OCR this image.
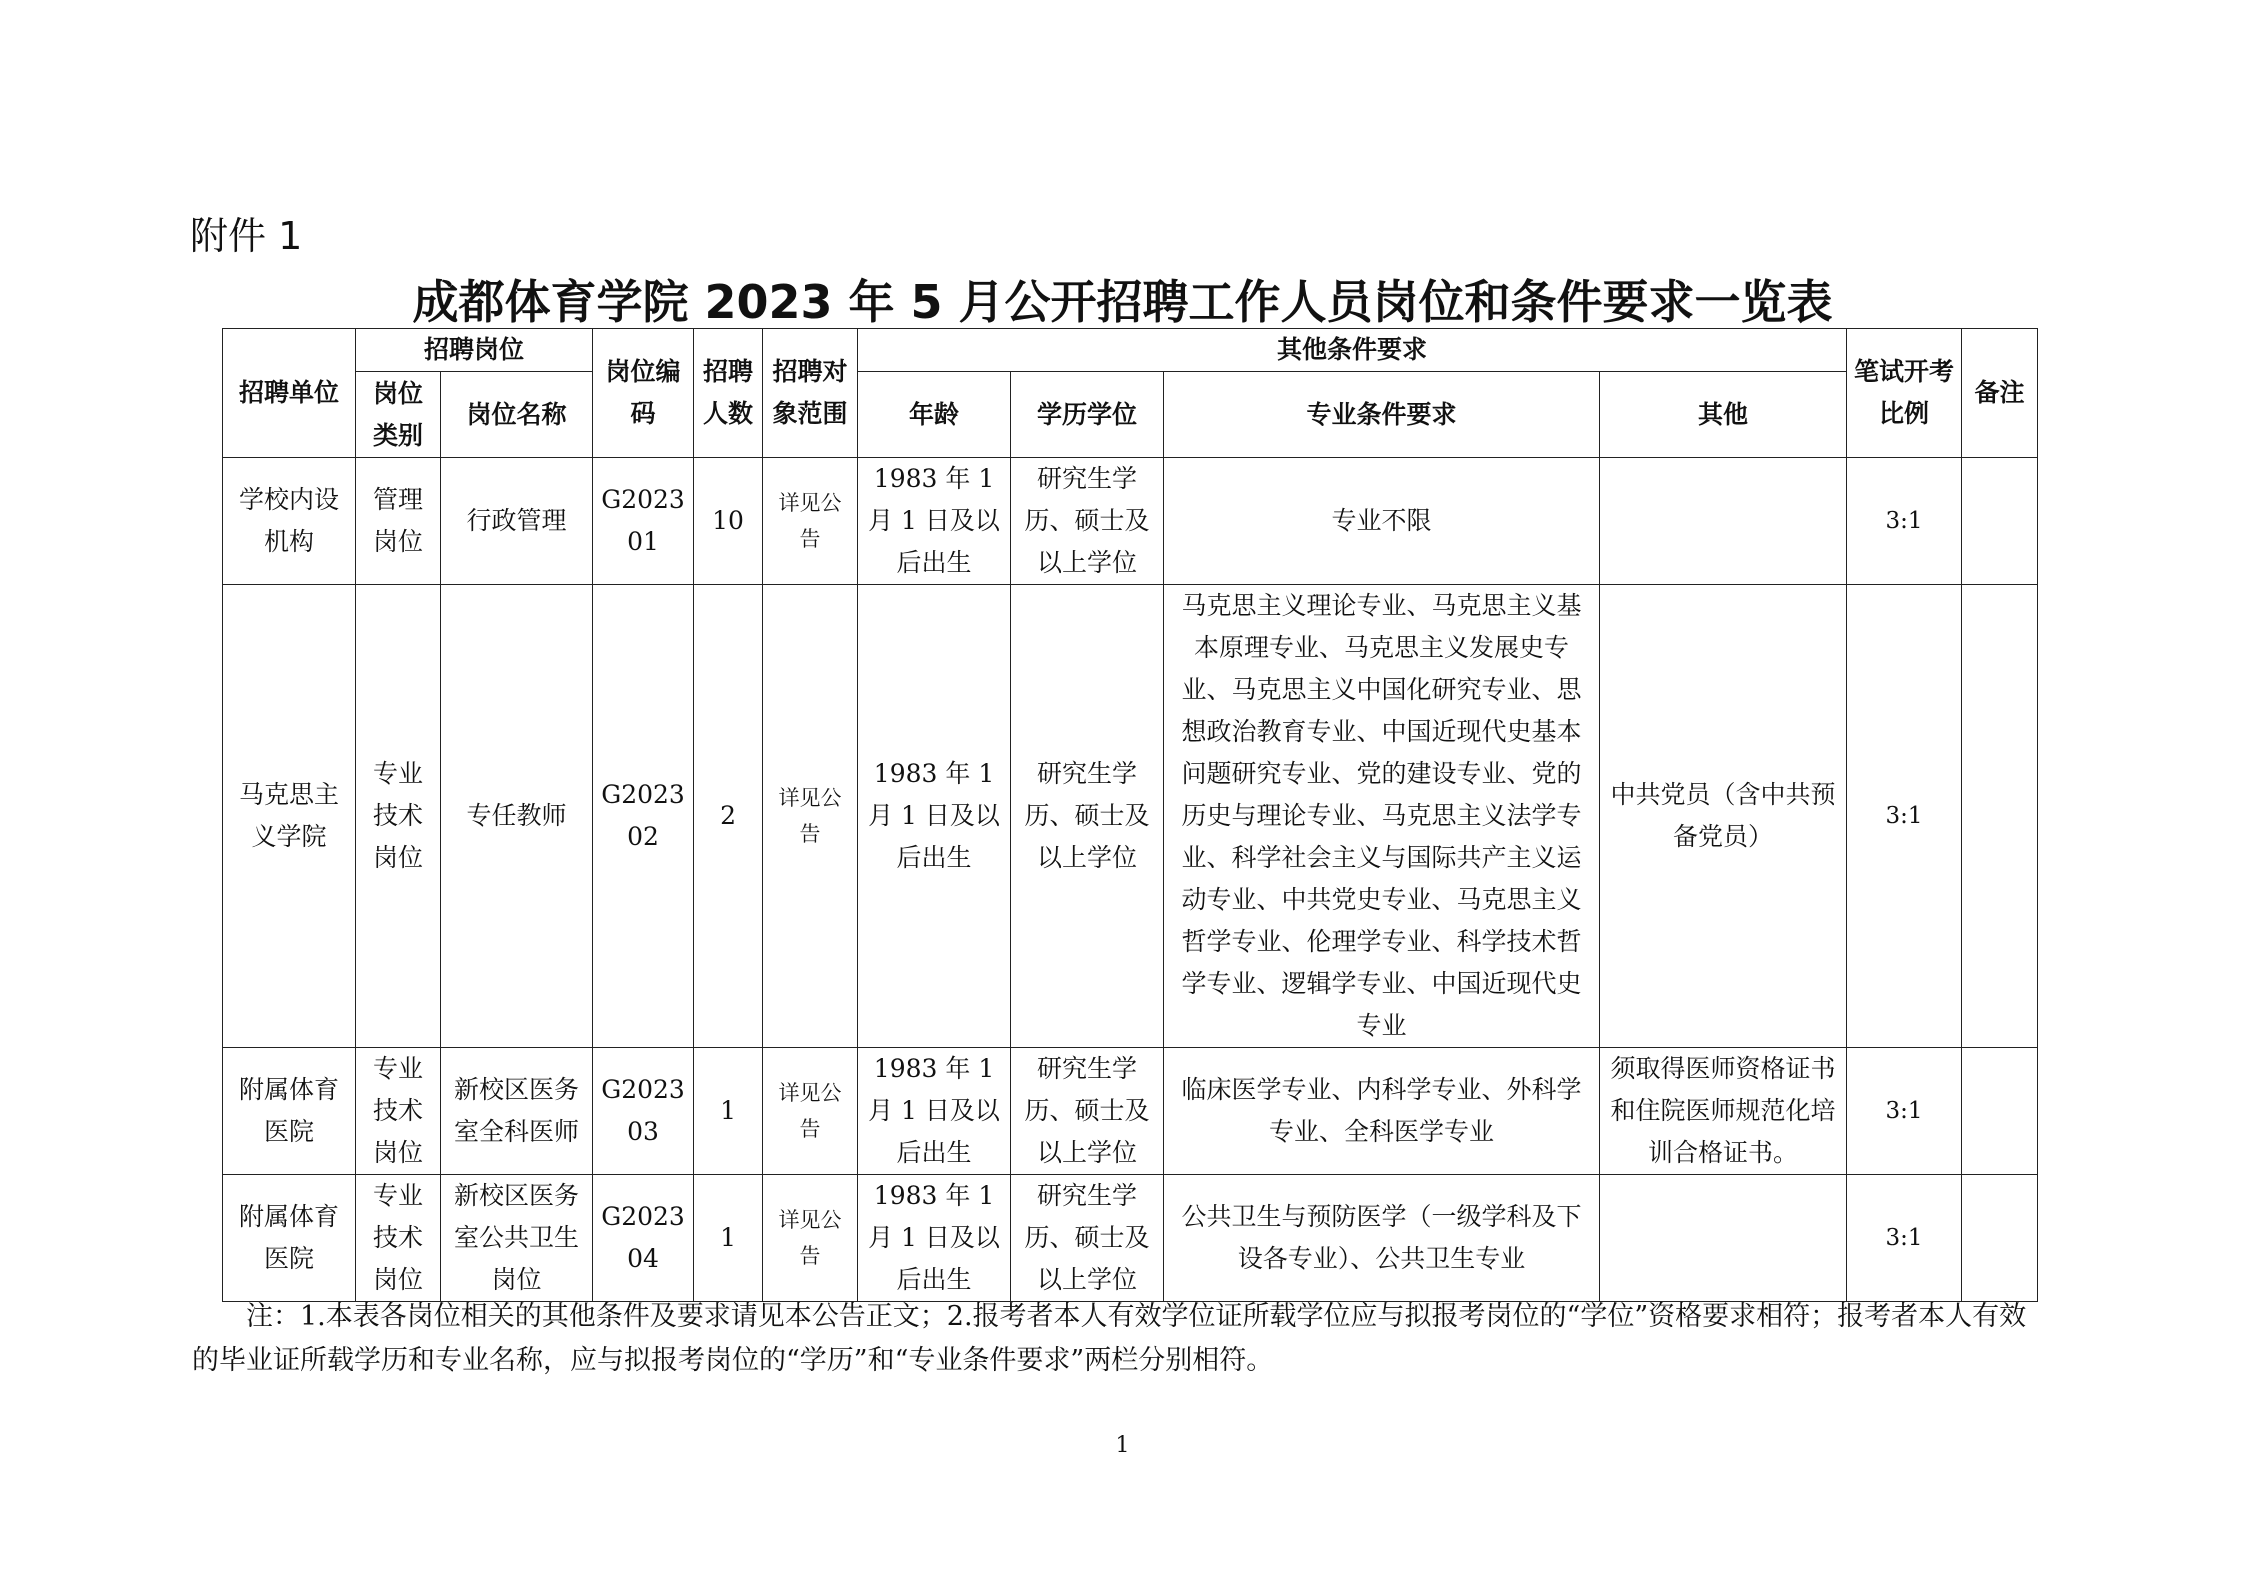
附件 1

成都体育学院 2023 年 5 月公开招聘工作人员岗位和条件要求一览表
招聘单位	招聘岗位		岗位编码	招聘人数	招聘对象范围	其他条件要求				笔试开考比例	备注
	岗位类别	岗位名称				年龄	学历学位	专业条件要求	其他		
学校内设机构	管理岗位	行政管理	G202301	10	详见公告	1983 年 1 月 1 日及以后出生	研究生学历、硕士及以上学位	专业不限		3:1	
马克思主义学院	专业技术岗位	专任教师	G202302	2	详见公告	1983 年 1 月 1 日及以后出生	研究生学历、硕士及以上学位	马克思主义理论专业、马克思主义基本原理专业、马克思主义发展史专业、马克思主义中国化研究专业、思想政治教育专业、中国近现代史基本问题研究专业、党的建设专业、党的历史与理论专业、马克思主义法学专业、科学社会主义与国际共产主义运动专业、中共党史专业、马克思主义哲学专业、伦理学专业、科学技术哲学专业、逻辑学专业、中国近现代史专业	中共党员（含中共预备党员）	3:1	
附属体育医院	专业技术岗位	新校区医务室全科医师	G202303	1	详见公告	1983 年 1 月 1 日及以后出生	研究生学历、硕士及以上学位	临床医学专业、内科学专业、外科学专业、全科医学专业	须取得医师资格证书和住院医师规范化培训合格证书。	3:1	
附属体育医院	专业技术岗位	新校区医务室公共卫生岗位	G202304	1	详见公告	1983 年 1 月 1 日及以后出生	研究生学历、硕士及以上学位	公共卫生与预防医学（一级学科及下设各专业）、公共卫生专业		3:1	

注：1.本表各岗位相关的其他条件及要求请见本公告正文；2.报考者本人有效学位证所载学位应与拟报考岗位的“学位”资格要求相符；报考者本人有效的毕业证所载学历和专业名称，应与拟报考岗位的“学历”和“专业条件要求”两栏分别相符。

1
